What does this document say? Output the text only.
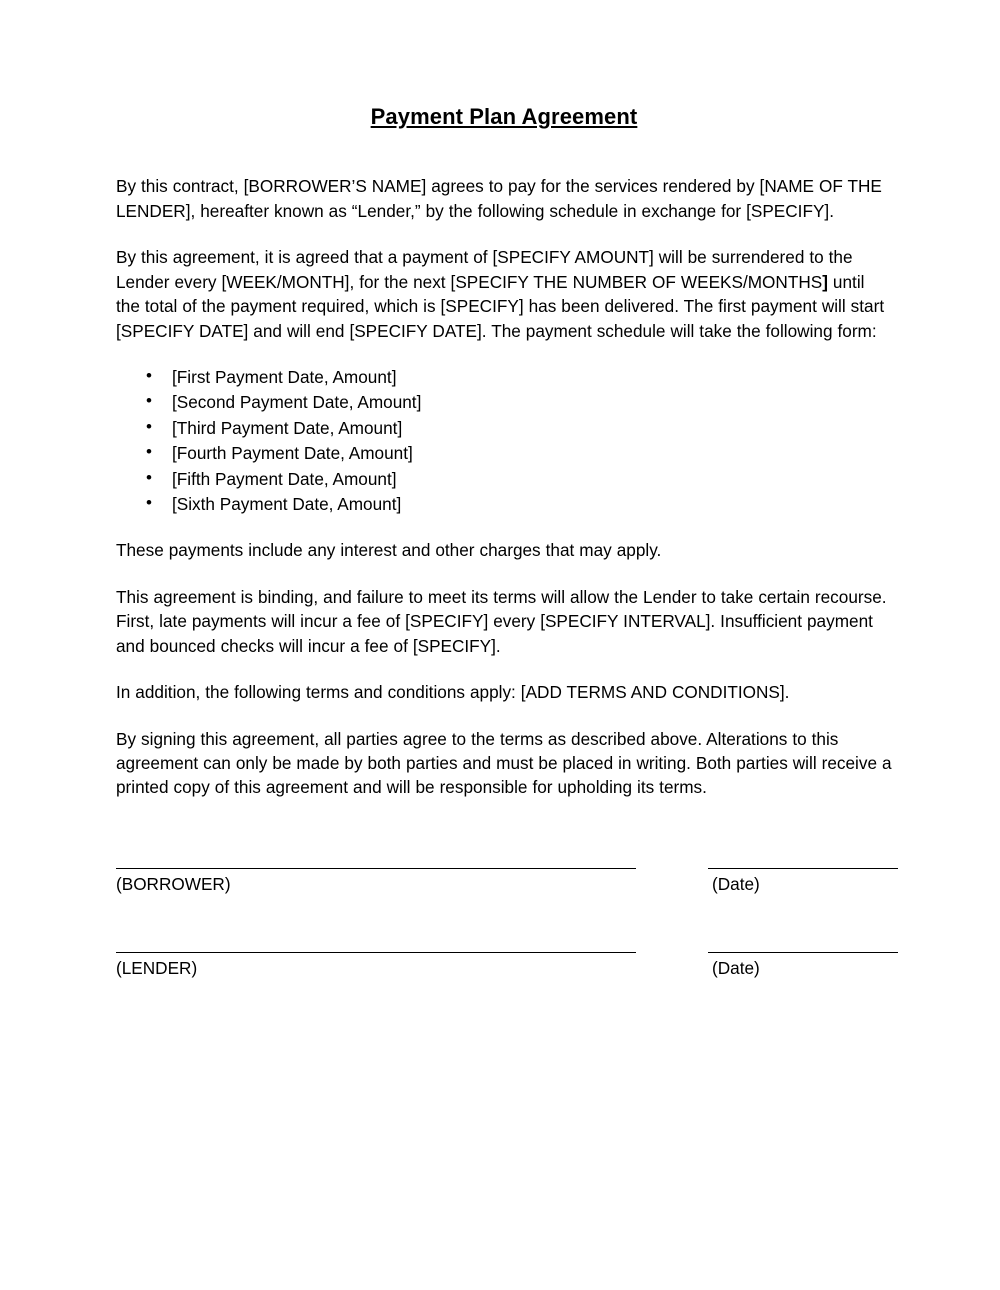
Payment Plan Agreement

By this contract, [BORROWER’S NAME] agrees to pay for the services rendered by [NAME OF THE LENDER], hereafter known as “Lender,” by the following schedule in exchange for [SPECIFY].

By this agreement, it is agreed that a payment of [SPECIFY AMOUNT] will be surrendered to the Lender every [WEEK/MONTH], for the next [SPECIFY THE NUMBER OF WEEKS/MONTHS] until the total of the payment required, which is [SPECIFY] has been delivered. The first payment will start [SPECIFY DATE] and will end [SPECIFY DATE]. The payment schedule will take the following form:

• [First Payment Date, Amount]
• [Second Payment Date, Amount]
• [Third Payment Date, Amount]
• [Fourth Payment Date, Amount]
• [Fifth Payment Date, Amount]
• [Sixth Payment Date, Amount]

These payments include any interest and other charges that may apply.

This agreement is binding, and failure to meet its terms will allow the Lender to take certain recourse. First, late payments will incur a fee of [SPECIFY] every [SPECIFY INTERVAL]. Insufficient payment and bounced checks will incur a fee of [SPECIFY].

In addition, the following terms and conditions apply: [ADD TERMS AND CONDITIONS].

By signing this agreement, all parties agree to the terms as described above. Alterations to this agreement can only be made by both parties and must be placed in writing. Both parties will receive a printed copy of this agreement and will be responsible for upholding its terms.

(BORROWER)	(Date)
(LENDER)	(Date)
